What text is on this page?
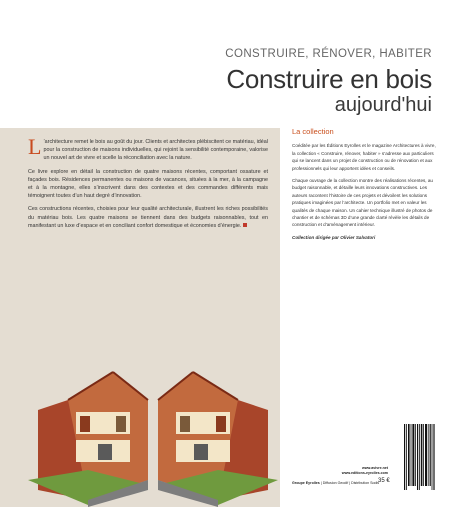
CONSTRUIRE, RÉNOVER, HABITER
Construire en bois
aujourd'hui

L ’architecture remet le bois au goût du jour. Clients et architectes plébiscitent ce matériau, idéal pour la construction de maisons individuelles, qui rejoint la sensibilité contemporaine, valorise un nouvel art de vivre et scelle la réconciliation avec la nature.

Ce livre explore en détail la construction de quatre maisons récentes, comportant ossature et façades bois. Résidences permanentes ou maisons de vacances, situées à la mer, à la campagne et à la montagne, elles s’inscrivent dans des contextes et des commandes différents mais témoignent toutes d’un haut degré d’innovation.

Ces constructions récentes, choisies pour leur qualité architecturale, illustrent les riches possibilités du matériau bois. Les quatre maisons se tiennent dans des budgets raisonnables, tout en manifestant un luxe d’espace et en conciliant confort domestique et économies d’énergie.

La collection

Coéditée par les Éditions Eyrolles et le magazine Architectures à vivre, la collection « Construire, rénover, habiter » s’adresse aux particuliers qui se lancent dans un projet de construction ou de rénovation et aux professionnels qui leur apportent idées et conseils.

Chaque ouvrage de la collection montre des réalisations récentes, au budget raisonnable, et détaille leurs innovations constructives. Les auteurs racontent l’histoire de ces projets et dévoilent les solutions pratiques imaginées par l’architecte. Un portfolio met en valeur les qualités de chaque maison. Un cahier technique illustré de photos de chantier et de schémas 3D d’une grande clarté révèle les détails de construction et d’aménagement intérieur.

Collection dirigée par Olivier Salvatori

www.avivre.net
www.editions-eyrolles.com
Groupe Eyrolles | Diffusion Geodif | Distribution Sodis
35 €
